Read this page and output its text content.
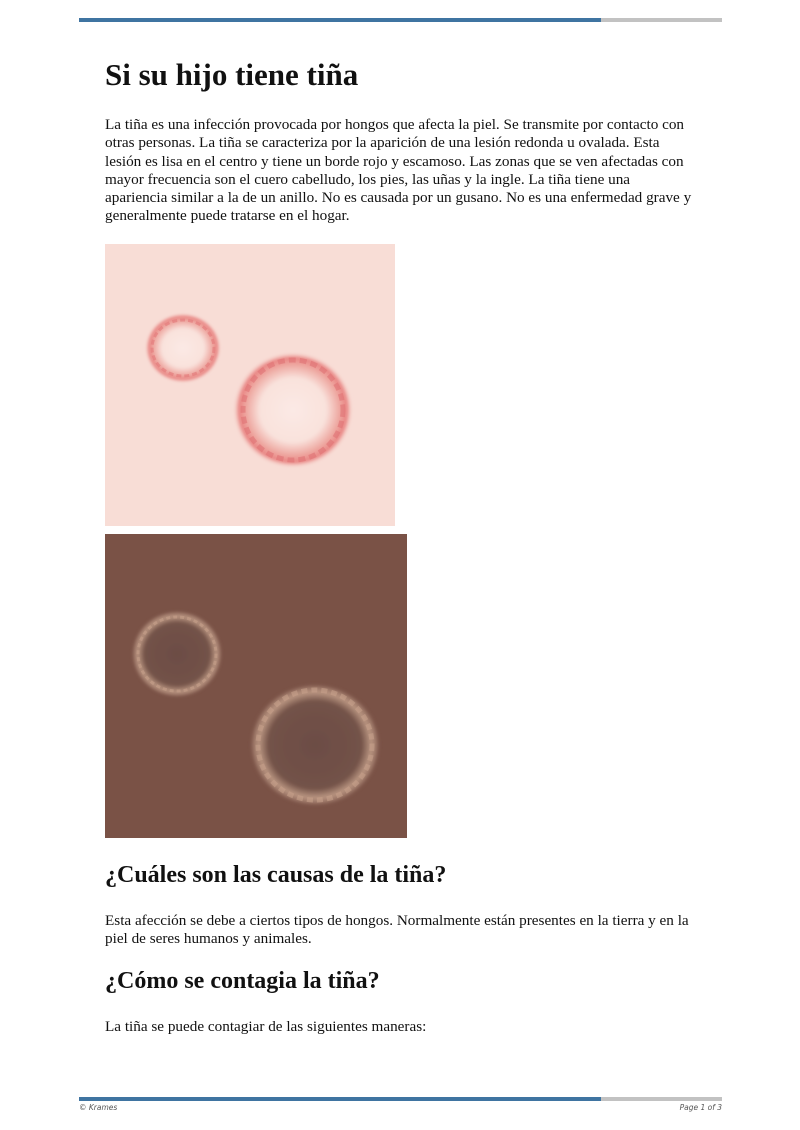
Si su hijo tiene tiña

La tiña es una infección provocada por hongos que afecta la piel. Se transmite por contacto con otras personas. La tiña se caracteriza por la aparición de una lesión redonda u ovalada. Esta lesión es lisa en el centro y tiene un borde rojo y escamoso. Las zonas que se ven afectadas con mayor frecuencia son el cuero cabelludo, los pies, las uñas y la ingle. La tiña tiene una apariencia similar a la de un anillo. No es causada por un gusano. No es una enfermedad grave y generalmente puede tratarse en el hogar.

¿Cuáles son las causas de la tiña?

Esta afección se debe a ciertos tipos de hongos. Normalmente están presentes en la tierra y en la piel de seres humanos y animales.

¿Cómo se contagia la tiña?

La tiña se puede contagiar de las siguientes maneras:

© Krames	Page 1 of 3
